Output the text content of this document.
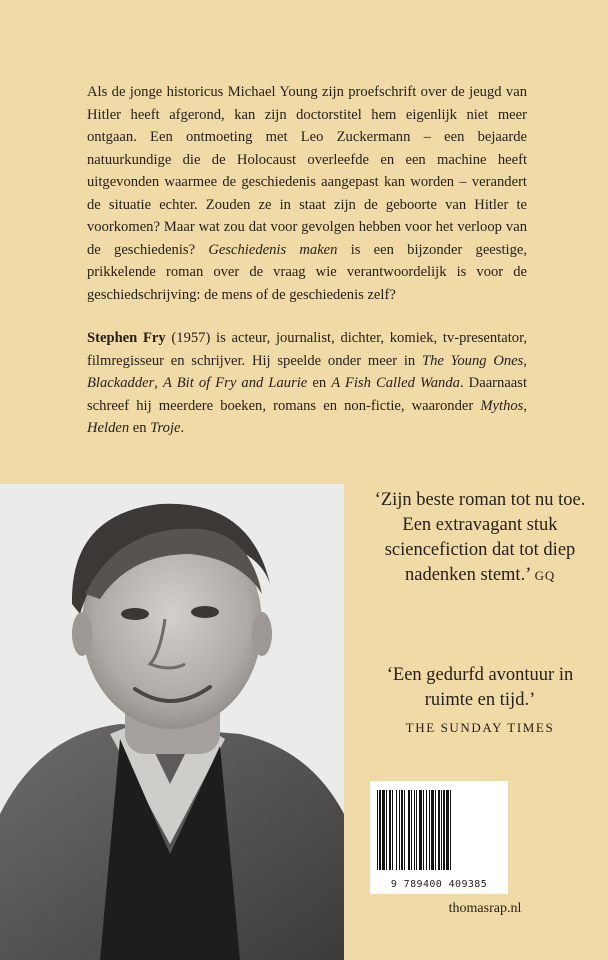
Als de jonge historicus Michael Young zijn proefschrift over de jeugd van Hitler heeft afgerond, kan zijn doctorstitel hem eigenlijk niet meer ontgaan. Een ontmoeting met Leo Zuckermann – een bejaarde natuurkundige die de Holocaust overleefde en een machine heeft uitgevonden waarmee de geschiedenis aangepast kan worden – verandert de situatie echter. Zouden ze in staat zijn de geboorte van Hitler te voorkomen? Maar wat zou dat voor gevolgen hebben voor het verloop van de geschiedenis? Geschiedenis maken is een bijzonder geestige, prikkelende roman over de vraag wie verantwoordelijk is voor de geschiedschrijving: de mens of de geschiedenis zelf?

Stephen Fry (1957) is acteur, journalist, dichter, komiek, tv-presentator, filmregisseur en schrijver. Hij speelde onder meer in The Young Ones, Blackadder, A Bit of Fry and Laurie en A Fish Called Wanda. Daarnaast schreef hij meerdere boeken, romans en non-fictie, waaronder Mythos, Helden en Troje.

‘Zijn beste roman tot nu toe. Een extravagant stuk sciencefiction dat tot diep nadenken stemt.’ GQ
‘Een gedurfd avontuur in ruimte en tijd.’
THE SUNDAY TIMES
9 789400 409385
thomasrap.nl
